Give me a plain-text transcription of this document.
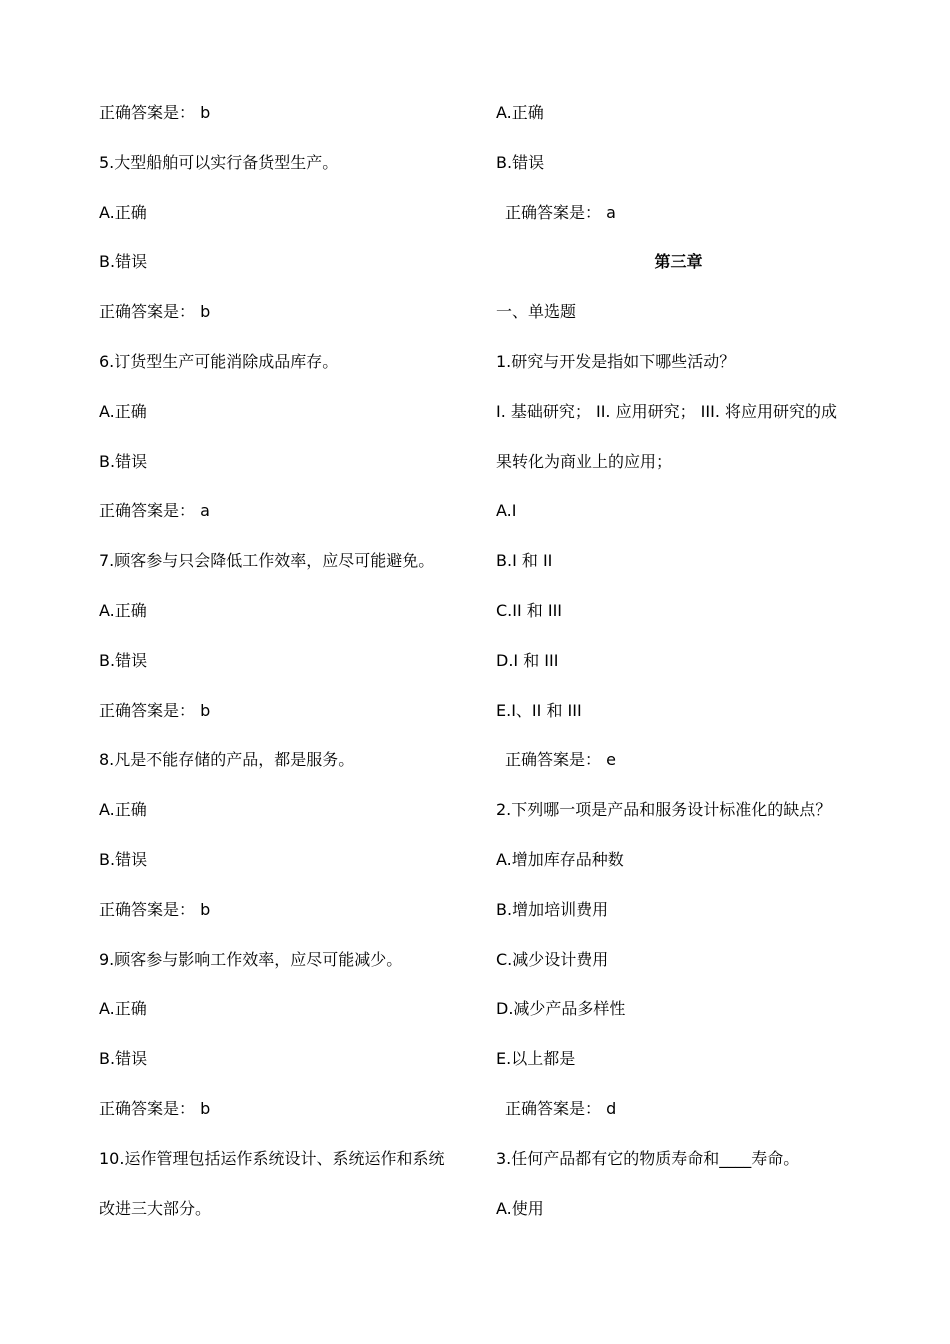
正确答案是： b
5.大型船舶可以实行备货型生产。
A.正确
B.错误
正确答案是： b
6.订货型生产可能消除成品库存。
A.正确
B.错误
正确答案是： a
7.顾客参与只会降低工作效率，应尽可能避免。
A.正确
B.错误
正确答案是： b
8.凡是不能存储的产品，都是服务。
A.正确
B.错误
正确答案是： b
9.顾客参与影响工作效率，应尽可能减少。
A.正确
B.错误
正确答案是： b
10.运作管理包括运作系统设计、系统运作和系统
改进三大部分。
A.正确
B.错误
正确答案是： a
第三章
一、单选题
1.研究与开发是指如下哪些活动？
I. 基础研究； II. 应用研究； III. 将应用研究的成
果转化为商业上的应用；
A.I
B.I 和 II
C.II 和 III
D.I 和 III
E.I、II 和 III
正确答案是： e
2.下列哪一项是产品和服务设计标准化的缺点？
A.增加库存品种数
B.增加培训费用
C.减少设计费用
D.减少产品多样性
E.以上都是
正确答案是： d
3.任何产品都有它的物质寿命和____寿命。
A.使用
